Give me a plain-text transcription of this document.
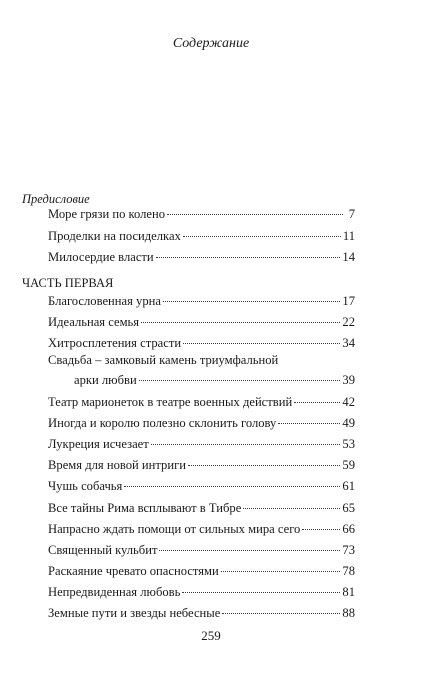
Содержание
Предисловие
Море грязи по колено	7
Проделки на посиделках	11
Милосердие власти	14
ЧАСТЬ ПЕРВАЯ
Благословенная урна	17
Идеальная семья	22
Хитросплетения страсти	34
Свадьба – замковый камень триумфальной
арки любви	39
Театр марионеток в театре военных действий	42
Иногда и королю полезно склонить голову	49
Лукреция исчезает	53
Время для новой интриги	59
Чушь собачья	61
Все тайны Рима всплывают в Тибре	65
Напрасно ждать помощи от сильных мира сего	66
Священный кульбит	73
Раскаяние чревато опасностями	78
Непредвиденная любовь	81
Земные пути и звезды небесные	88
259
